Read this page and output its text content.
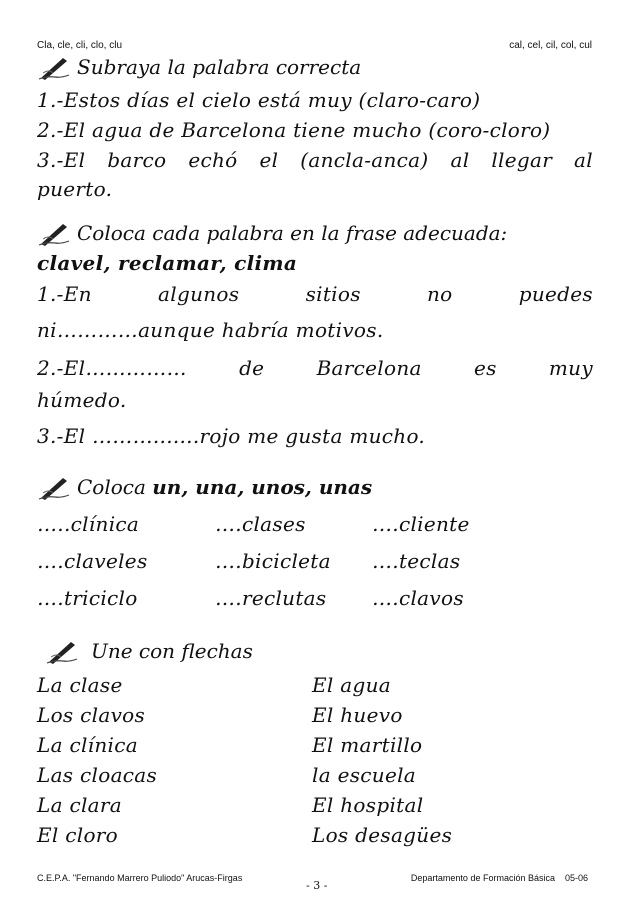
Cla, cle, cli, clo, clu	cal, cel, cil, col, cul
Subraya la palabra correcta
1.-Estos días el cielo está muy (claro-caro)
2.-El agua de Barcelona tiene mucho (coro-cloro)
3.-El barco echó el (ancla-anca) al llegar al
puerto.
Coloca cada palabra en la frase adecuada:
clavel, reclamar, clima
1.-En	algunos	sitios	no	puedes
ni…………aunque habría motivos.
2.-El……………	de	Barcelona	es	muy
húmedo.
3.-El ……….......rojo me gusta mucho.
Coloca un, una, unos, unas
…..clínica	….clases	….cliente
….claveles	….bicicleta	….teclas
….triciclo	….reclutas	….clavos
Une con flechas
La clase	El agua
Los clavos	El huevo
La clínica	El martillo
Las cloacas	la escuela
La clara	El hospital
El cloro	Los desagües
C.E.P.A. "Fernando Marrero Puliodo" Arucas-Firgas
- 3 -
Departamento de Formación Básica    05-06
